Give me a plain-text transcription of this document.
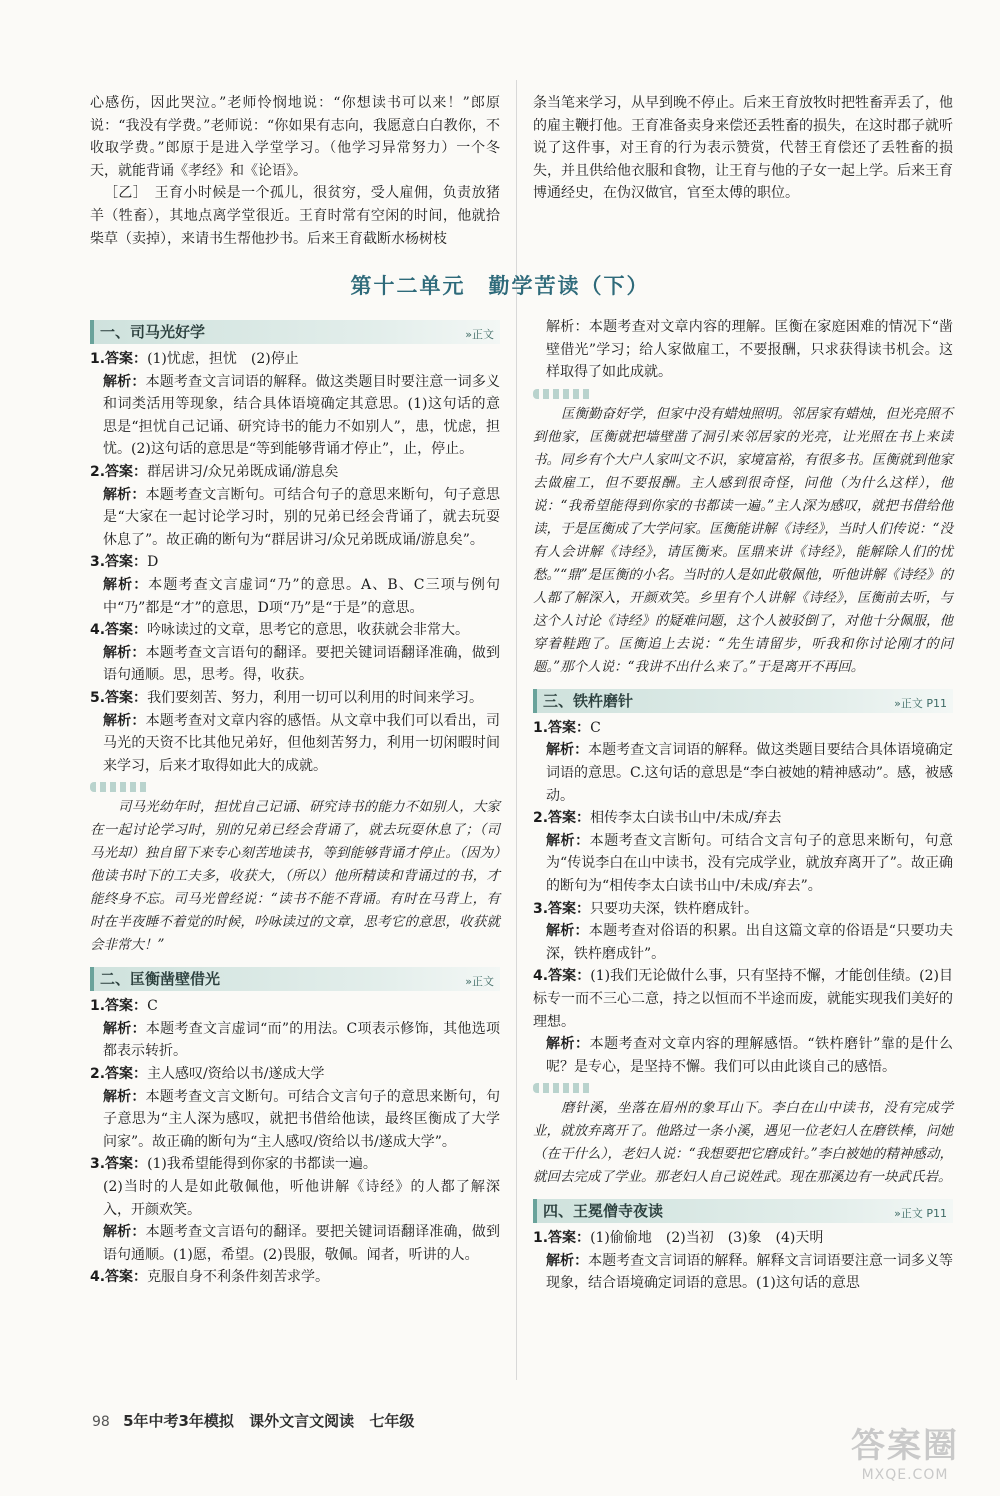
心感伤，因此哭泣。”老师怜悯地说：“你想读书可以来！”郎原说：“我没有学费。”老师说：“你如果有志向，我愿意白白教你，不收取学费。”郎原于是进入学堂学习。（他学习异常努力）一个冬天，就能背诵《孝经》和《论语》。

［乙］　王育小时候是一个孤儿，很贫穷，受人雇佣，负责放猪羊（牲畜），其地点离学堂很近。王育时常有空闲的时间，他就拾柴草（卖掉），来请书生帮他抄书。后来王育截断水杨树枝

条当笔来学习，从早到晚不停止。后来王育放牧时把牲畜弄丢了，他的雇主鞭打他。王育准备卖身来偿还丢牲畜的损失，在这时郡子就听说了这件事，对王育的行为表示赞赏，代替王育偿还了丢牲畜的损失，并且供给他衣服和食物，让王育与他的子女一起上学。后来王育博通经史，在伪汉做官，官至太傅的职位。

第十二单元　勤学苦读（下）
一、司马光好学	»正文

1.答案：(1)忧虑，担忧　(2)停止

解析：本题考查文言词语的解释。做这类题目时要注意一词多义和词类活用等现象，结合具体语境确定其意思。(1)这句话的意思是“担忧自己记诵、研究诗书的能力不如别人”，患，忧虑，担忧。(2)这句话的意思是“等到能够背诵才停止”，止，停止。

2.答案：群居讲习/众兄弟既成诵/游息矣

解析：本题考查文言断句。可结合句子的意思来断句，句子意思是“大家在一起讨论学习时，别的兄弟已经会背诵了，就去玩耍休息了”。故正确的断句为“群居讲习/众兄弟既成诵/游息矣”。

3.答案：D

解析：本题考查文言虚词“乃”的意思。A、B、C三项与例句中“乃”都是“才”的意思，D项“乃”是“于是”的意思。

4.答案：吟咏读过的文章，思考它的意思，收获就会非常大。

解析：本题考查文言语句的翻译。要把关键词语翻译准确，做到语句通顺。思，思考。得，收获。

5.答案：我们要刻苦、努力，利用一切可以利用的时间来学习。

解析：本题考查对文章内容的感悟。从文章中我们可以看出，司马光的天资不比其他兄弟好，但他刻苦努力，利用一切闲暇时间来学习，后来才取得如此大的成就。

司马光幼年时，担忧自己记诵、研究诗书的能力不如别人，大家在一起讨论学习时，别的兄弟已经会背诵了，就去玩耍休息了；（司马光却）独自留下来专心刻苦地读书，等到能够背诵才停止。（因为）他读书时下的工夫多，收获大，（所以）他所精读和背诵过的书，才能终身不忘。司马光曾经说：“读书不能不背诵。有时在马背上，有时在半夜睡不着觉的时候，吟咏读过的文章，思考它的意思，收获就会非常大！”

二、匡衡凿壁借光	»正文

1.答案：C

解析：本题考查文言虚词“而”的用法。C项表示修饰，其他选项都表示转折。

2.答案：主人感叹/资给以书/遂成大学

解析：本题考查文言文断句。可结合文言句子的意思来断句，句子意思为“主人深为感叹，就把书借给他读，最终匡衡成了大学问家”。故正确的断句为“主人感叹/资给以书/遂成大学”。

3.答案：(1)我希望能得到你家的书都读一遍。

(2)当时的人是如此敬佩他，听他讲解《诗经》的人都了解深入，开颜欢笑。

解析：本题考查文言语句的翻译。要把关键词语翻译准确，做到语句通顺。(1)愿，希望。(2)畏服，敬佩。闻者，听讲的人。

4.答案：克服自身不利条件刻苦求学。

解析：本题考查对文章内容的理解。匡衡在家庭困难的情况下“凿壁借光”学习；给人家做雇工，不要报酬，只求获得读书机会。这样取得了如此成就。

匡衡勤奋好学，但家中没有蜡烛照明。邻居家有蜡烛，但光亮照不到他家，匡衡就把墙壁凿了洞引来邻居家的光亮，让光照在书上来读书。同乡有个大户人家叫文不识，家境富裕，有很多书。匡衡就到他家去做雇工，但不要报酬。主人感到很奇怪，问他（为什么这样），他说：“我希望能得到你家的书都读一遍。”主人深为感叹，就把书借给他读，于是匡衡成了大学问家。匡衡能讲解《诗经》，当时人们传说：“没有人会讲解《诗经》，请匡衡来。匡鼎来讲《诗经》，能解除人们的忧愁。”“鼎”是匡衡的小名。当时的人是如此敬佩他，听他讲解《诗经》的人都了解深入，开颜欢笑。乡里有个人讲解《诗经》，匡衡前去听，与这个人讨论《诗经》的疑难问题，这个人被驳倒了，对他十分佩服，他穿着鞋跑了。匡衡追上去说：“先生请留步，听我和你讨论刚才的问题。”那个人说：“我讲不出什么来了。”于是离开不再回。

三、铁杵磨针	»正文 P11

1.答案：C

解析：本题考查文言词语的解释。做这类题目要结合具体语境确定词语的意思。C.这句话的意思是“李白被她的精神感动”。感，被感动。

2.答案：相传李太白读书山中/未成/弃去

解析：本题考查文言断句。可结合文言句子的意思来断句，句意为“传说李白在山中读书，没有完成学业，就放弃离开了”。故正确的断句为“相传李太白读书山中/未成/弃去”。

3.答案：只要功夫深，铁杵磨成针。

解析：本题考查对俗语的积累。出自这篇文章的俗语是“只要功夫深，铁杵磨成针”。

4.答案：(1)我们无论做什么事，只有坚持不懈，才能创佳绩。(2)目标专一而不三心二意，持之以恒而不半途而废，就能实现我们美好的理想。

解析：本题考查对文章内容的理解感悟。“铁杵磨针”靠的是什么呢？是专心，是坚持不懈。我们可以由此谈自己的感悟。

磨针溪，坐落在眉州的象耳山下。李白在山中读书，没有完成学业，就放弃离开了。他路过一条小溪，遇见一位老妇人在磨铁棒，问她（在干什么），老妇人说：“我想要把它磨成针。”李白被她的精神感动，就回去完成了学业。那老妇人自己说姓武。现在那溪边有一块武氏岩。

四、王冕僧寺夜读	»正文 P11

1.答案：(1)偷偷地　(2)当初　(3)象　(4)天明

解析：本题考查文言词语的解释。解释文言词语要注意一词多义等现象，结合语境确定词语的意思。(1)这句话的意思

98 5年中考3年模拟 课外文言文阅读 七年级
答案圈
MXQE.COM
